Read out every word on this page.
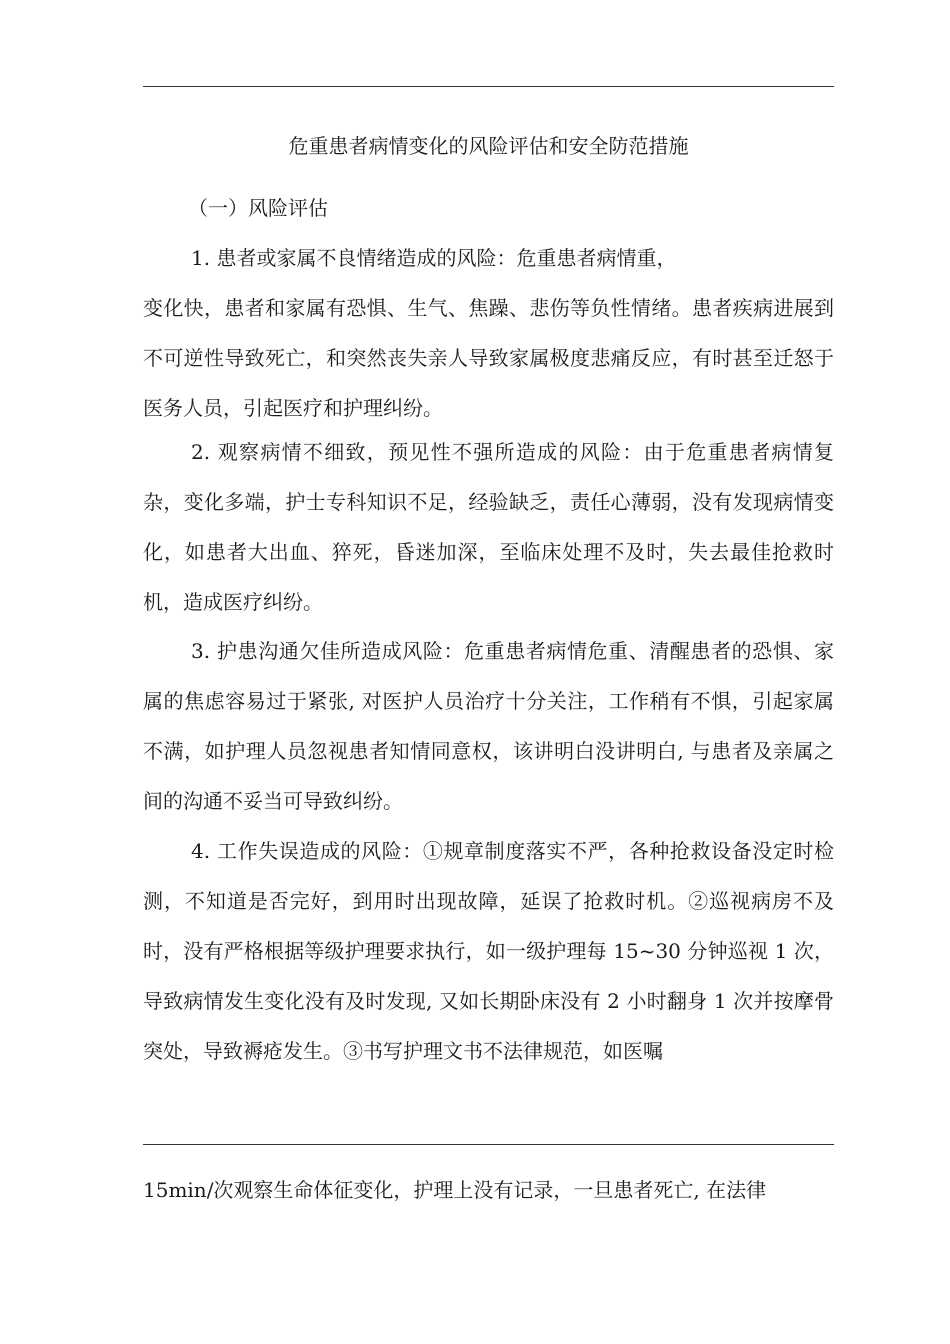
危重患者病情变化的风险评估和安全防范措施
（一）风险评估

1. 患者或家属不良情绪造成的风险：危重患者病情重，
变化快，患者和家属有恐惧、生气、焦躁、悲伤等负性情绪。患者疾病进展到不可逆性导致死亡，和突然丧失亲人导致家属极度悲痛反应，有时甚至迁怒于医务人员，引起医疗和护理纠纷。

2. 观察病情不细致，预见性不强所造成的风险：由于危重患者病情复杂，变化多端，护士专科知识不足，经验缺乏，责任心薄弱，没有发现病情变化，如患者大出血、猝死，昏迷加深，至临床处理不及时，失去最佳抢救时机，造成医疗纠纷。

3. 护患沟通欠佳所造成风险：危重患者病情危重、清醒患者的恐惧、家属的焦虑容易过于紧张, 对医护人员治疗十分关注，工作稍有不惧，引起家属不满，如护理人员忽视患者知情同意权，该讲明白没讲明白, 与患者及亲属之间的沟通不妥当可导致纠纷。

4. 工作失误造成的风险：①规章制度落实不严，各种抢救设备没定时检测，不知道是否完好，到用时出现故障，延误了抢救时机。②巡视病房不及时，没有严格根据等级护理要求执行，如一级护理每 15~30 分钟巡视 1 次，导致病情发生变化没有及时发现, 又如长期卧床没有 2 小时翻身 1 次并按摩骨突处，导致褥疮发生。③书写护理文书不法律规范，如医嘱

15min/次观察生命体征变化，护理上没有记录，一旦患者死亡, 在法律
